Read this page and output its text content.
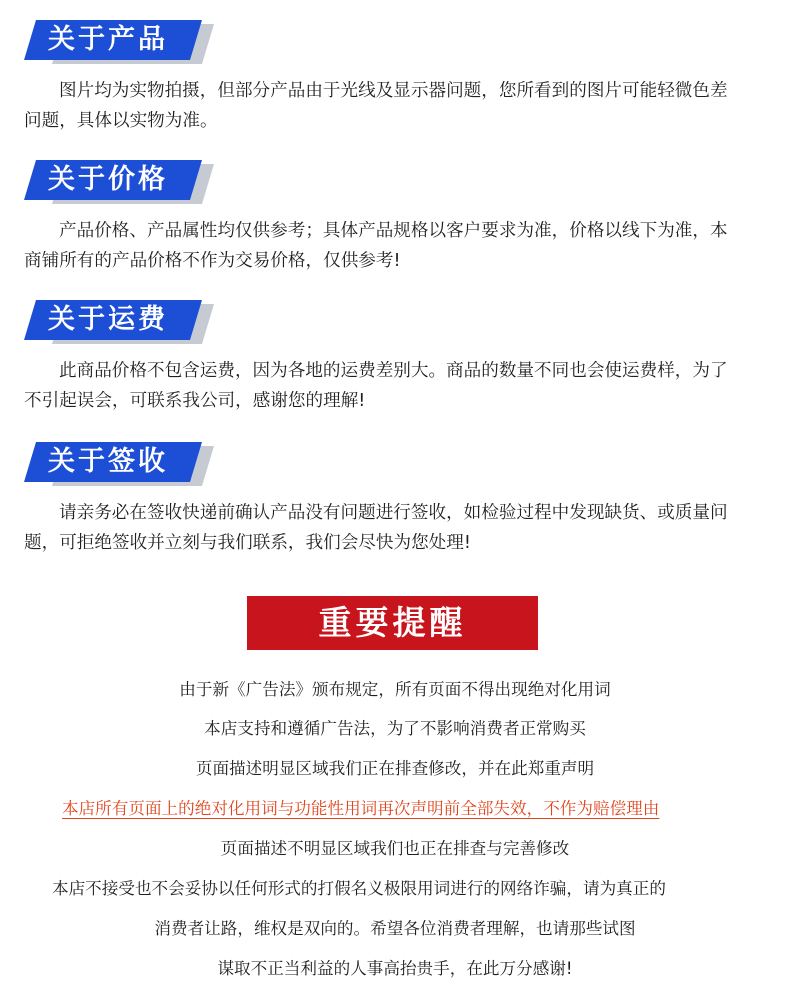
关于产品

图片均为实物拍摄，但部分产品由于光线及显示器问题，您所看到的图片可能轻微色差问题，具体以实物为准。

关于价格

产品价格、产品属性均仅供参考；具体产品规格以客户要求为准，价格以线下为准，本商铺所有的产品价格不作为交易价格，仅供参考!

关于运费

此商品价格不包含运费，因为各地的运费差别大。商品的数量不同也会使运费样，为了不引起误会，可联系我公司，感谢您的理解!

关于签收

请亲务必在签收快递前确认产品没有问题进行签收，如检验过程中发现缺货、或质量问题，可拒绝签收并立刻与我们联系，我们会尽快为您处理!

重要提醒
由于新《广告法》颁布规定，所有页面不得出现绝对化用词
本店支持和遵循广告法，为了不影响消费者正常购买
页面描述明显区域我们正在排查修改，并在此郑重声明
本店所有页面上的绝对化用词与功能性用词再次声明前全部失效，不作为赔偿理由
页面描述不明显区域我们也正在排查与完善修改
本店不接受也不会妥协以任何形式的打假名义极限用词进行的网络诈骗，请为真正的
消费者让路，维权是双向的。希望各位消费者理解，也请那些试图
谋取不正当利益的人事高抬贵手，在此万分感谢!
